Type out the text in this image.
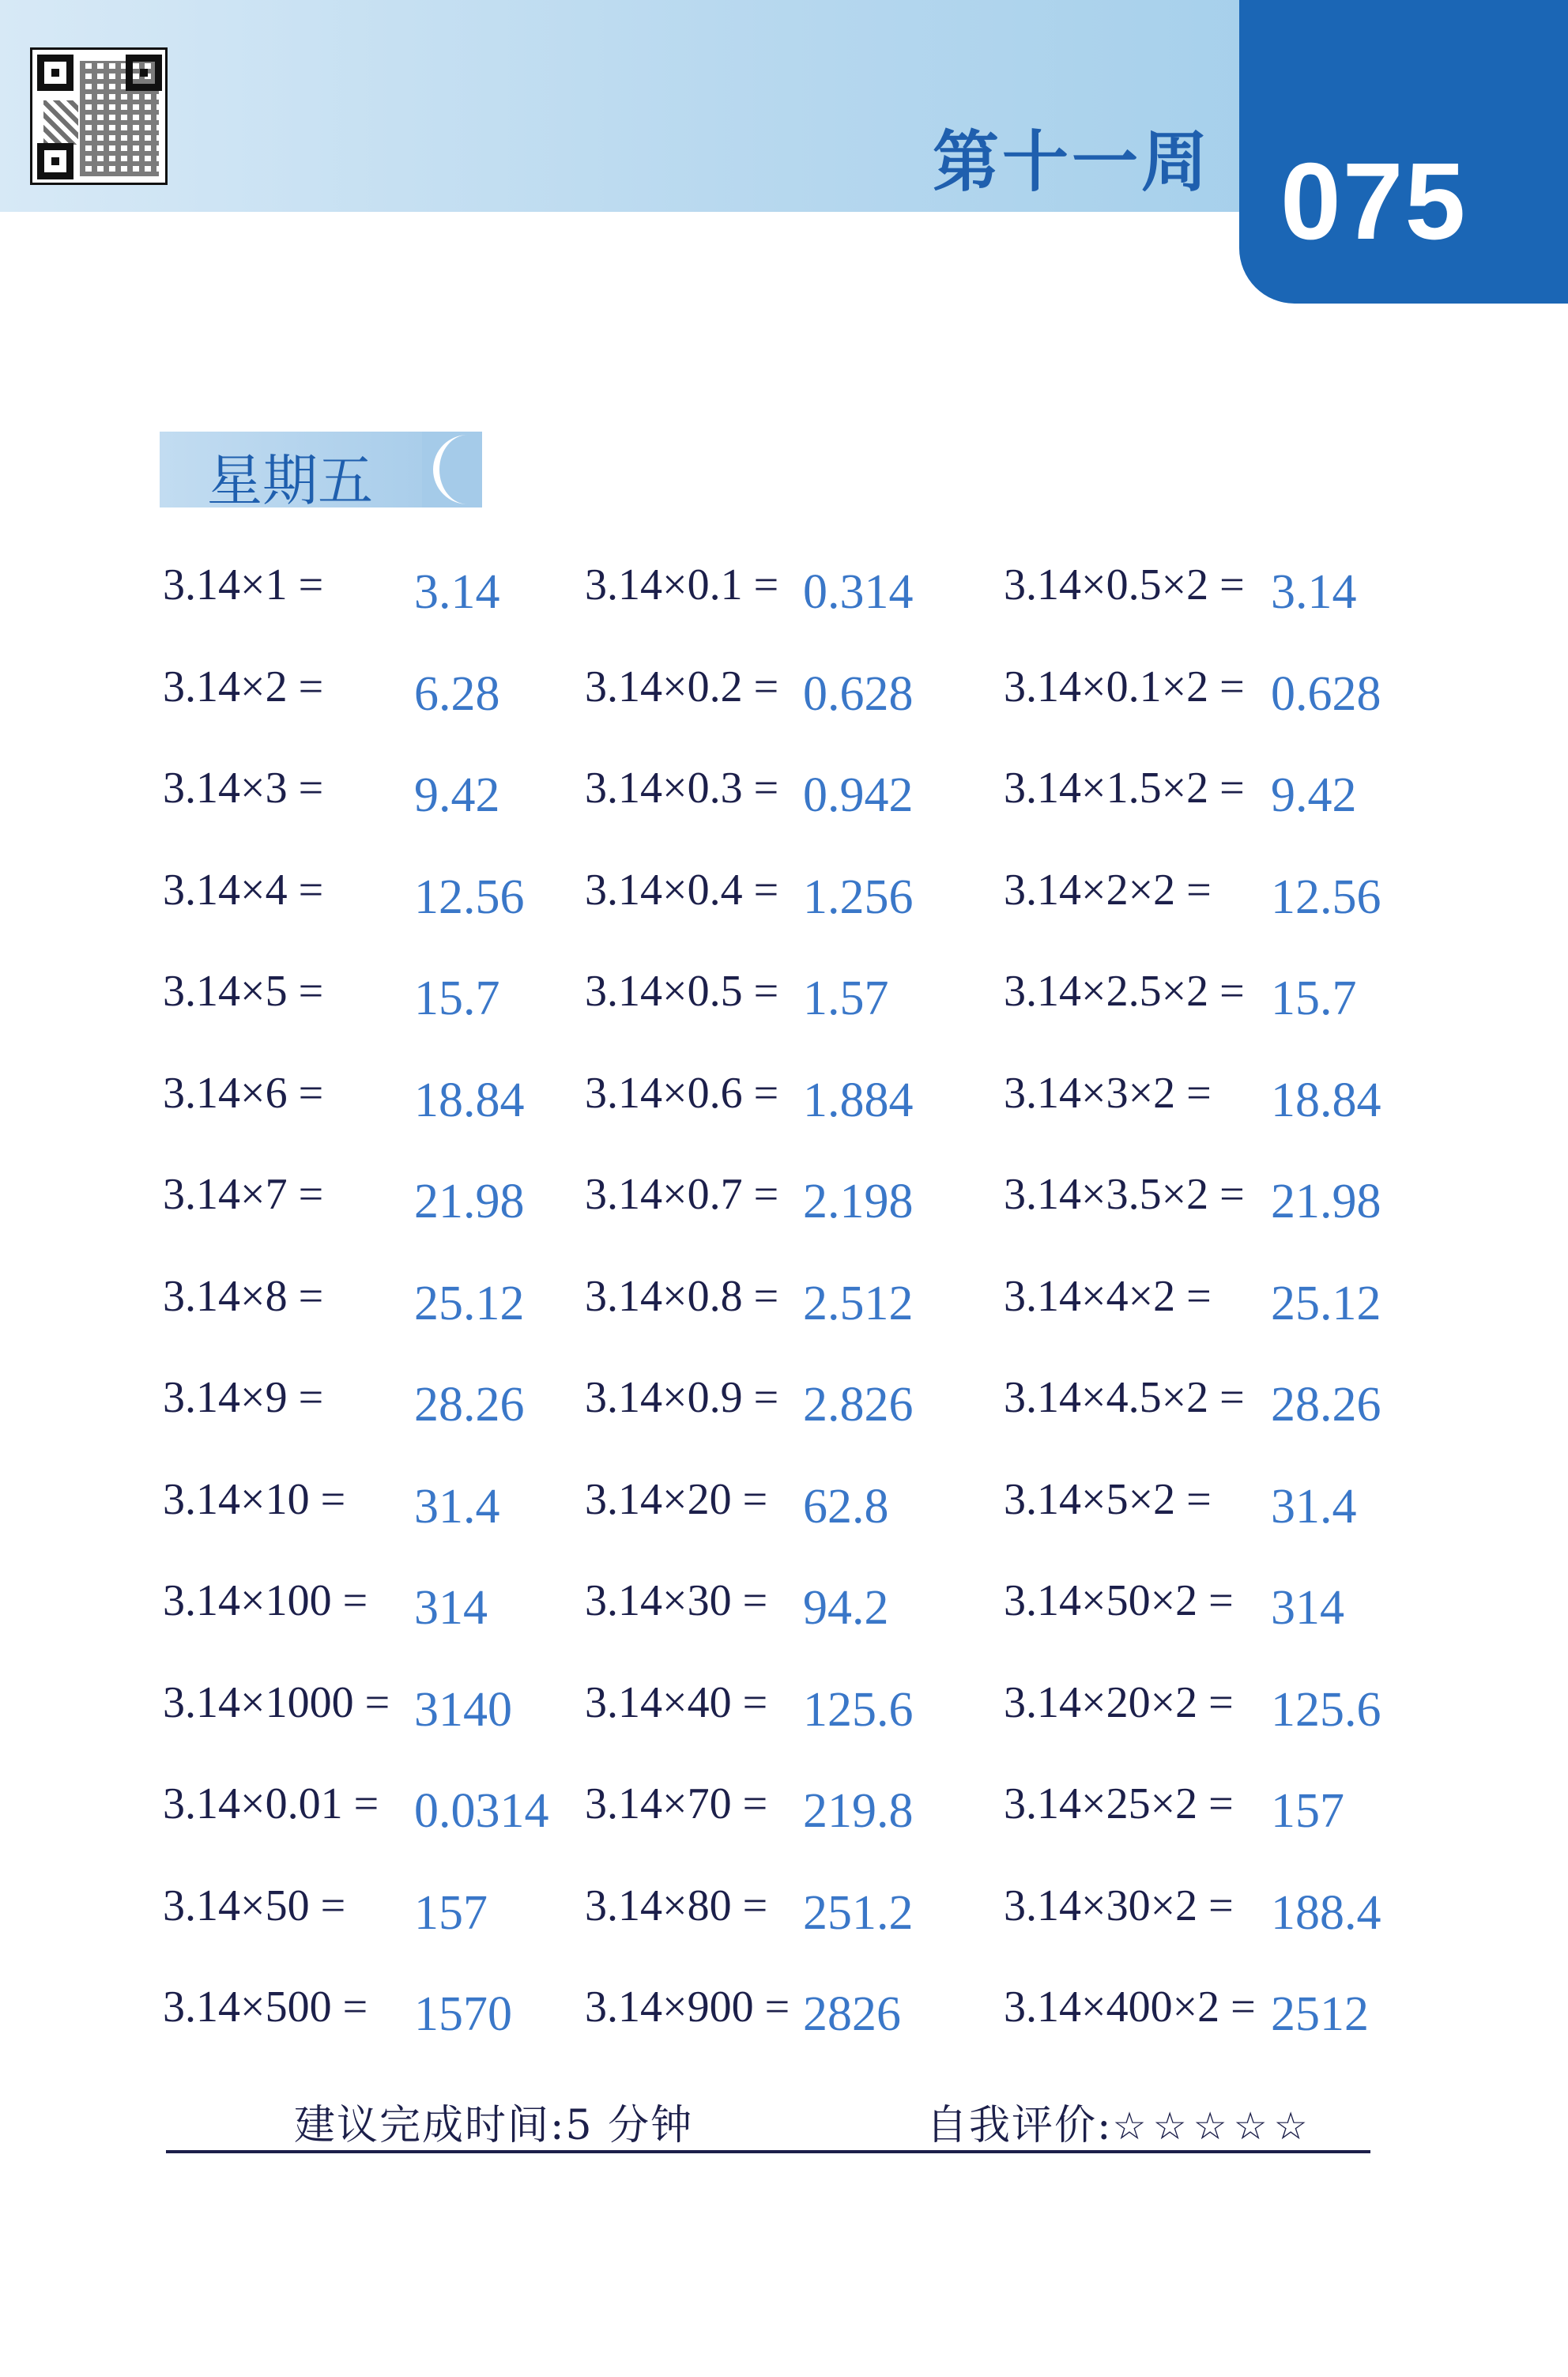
第十一周 075
星期五
3.14×1 = 3.14
3.14×2 = 6.28
3.14×3 = 9.42
3.14×4 = 12.56
3.14×5 = 15.7
3.14×6 = 18.84
3.14×7 = 21.98
3.14×8 = 25.12
3.14×9 = 28.26
3.14×10 = 31.4
3.14×100 = 314
3.14×1000 = 3140
3.14×0.01 = 0.0314
3.14×50 = 157
3.14×500 = 1570
3.14×0.1 = 0.314
3.14×0.2 = 0.628
3.14×0.3 = 0.942
3.14×0.4 = 1.256
3.14×0.5 = 1.57
3.14×0.6 = 1.884
3.14×0.7 = 2.198
3.14×0.8 = 2.512
3.14×0.9 = 2.826
3.14×20 = 62.8
3.14×30 = 94.2
3.14×40 = 125.6
3.14×70 = 219.8
3.14×80 = 251.2
3.14×900 = 2826
3.14×0.5×2 = 3.14
3.14×0.1×2 = 0.628
3.14×1.5×2 = 9.42
3.14×2×2 = 12.56
3.14×2.5×2 = 15.7
3.14×3×2 = 18.84
3.14×3.5×2 = 21.98
3.14×4×2 = 25.12
3.14×4.5×2 = 28.26
3.14×5×2 = 31.4
3.14×50×2 = 314
3.14×20×2 = 125.6
3.14×25×2 = 157
3.14×30×2 = 188.4
3.14×400×2 = 2512
建议完成时间:5 分钟	自我评价:☆☆☆☆☆
